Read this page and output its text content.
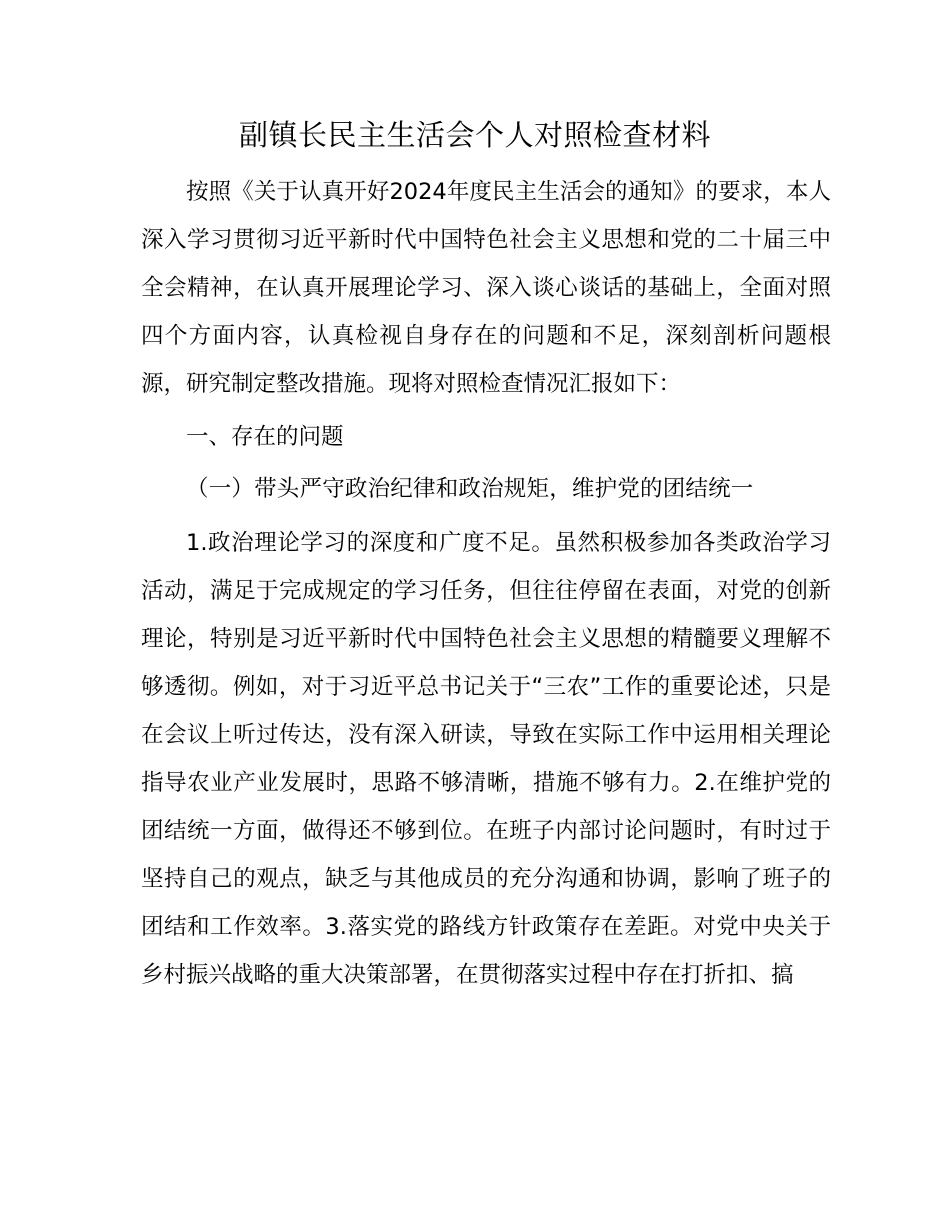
副镇长民主生活会个人对照检查材料

按照《关于认真开好2024年度民主生活会的通知》的要求，本人深入学习贯彻习近平新时代中国特色社会主义思想和党的二十届三中全会精神，在认真开展理论学习、深入谈心谈话的基础上，全面对照四个方面内容，认真检视自身存在的问题和不足，深刻剖析问题根源，研究制定整改措施。现将对照检查情况汇报如下：

一、存在的问题

（一）带头严守政治纪律和政治规矩，维护党的团结统一

1.政治理论学习的深度和广度不足。虽然积极参加各类政治学习活动，满足于完成规定的学习任务，但往往停留在表面，对党的创新理论，特别是习近平新时代中国特色社会主义思想的精髓要义理解不够透彻。例如，对于习近平总书记关于“三农”工作的重要论述，只是在会议上听过传达，没有深入研读，导致在实际工作中运用相关理论指导农业产业发展时，思路不够清晰，措施不够有力。2.在维护党的团结统一方面，做得还不够到位。在班子内部讨论问题时，有时过于坚持自己的观点，缺乏与其他成员的充分沟通和协调，影响了班子的团结和工作效率。3.落实党的路线方针政策存在差距。对党中央关于乡村振兴战略的重大决策部署，在贯彻落实过程中存在打折扣、搞
